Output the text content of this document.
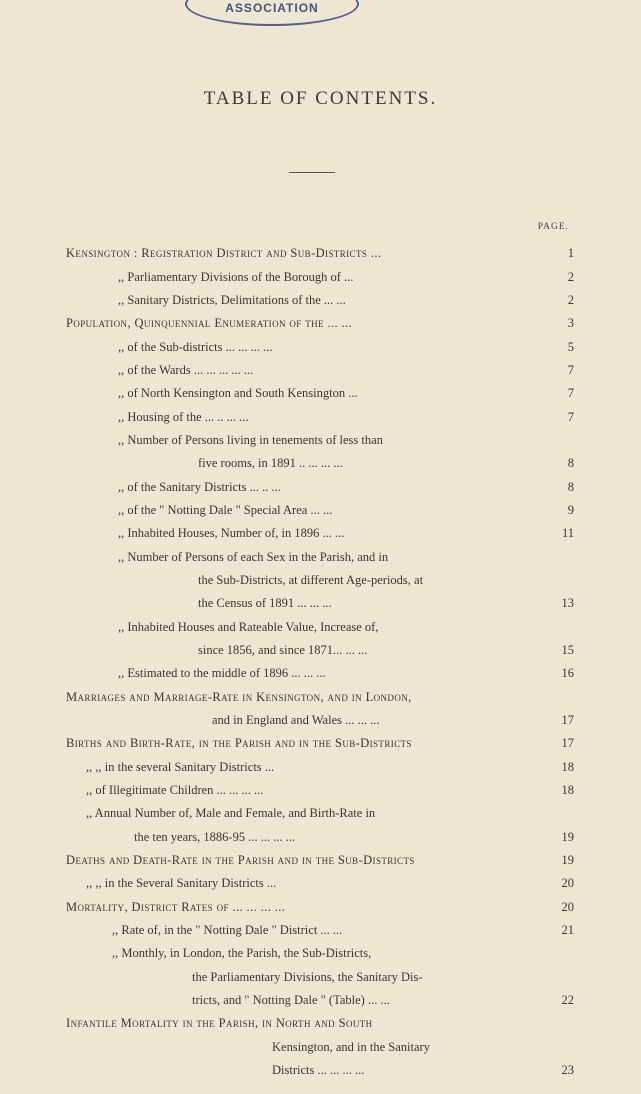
ASSOCIATION
TABLE OF CONTENTS.
PAGE.
Kensington : Registration District and Sub-Districts ...	1
,, Parliamentary Divisions of the Borough of ...	2
,, Sanitary Districts, Delimitations of the ... ...	2
Population, Quinquennial Enumeration of the ... ...	3
,, of the Sub-districts ... ... ... ...	5
,, of the Wards ... ... ... ... ...	7
,, of North Kensington and South Kensington ...	7
,, Housing of the ... .. ... ...	7
,, Number of Persons living in tenements of less than
five rooms, in 1891 .. ... ... ...	8
,, of the Sanitary Districts ... .. ...	8
,, of the " Notting Dale " Special Area ... ...	9
,, Inhabited Houses, Number of, in 1896 ... ...	11
,, Number of Persons of each Sex in the Parish, and in
the Sub-Districts, at different Age-periods, at
the Census of 1891 ... ... ...	13
,, Inhabited Houses and Rateable Value, Increase of,
since 1856, and since 1871... ... ...	15
,, Estimated to the middle of 1896 ... ... ...	16
Marriages and Marriage-Rate in Kensington, and in London,
and in England and Wales ... ... ...	17
Births and Birth-Rate, in the Parish and in the Sub-Districts	17
,, ,, in the several Sanitary Districts ...	18
,, of Illegitimate Children ... ... ... ...	18
,, Annual Number of, Male and Female, and Birth-Rate in
the ten years, 1886-95 ... ... ... ...	19
Deaths and Death-Rate in the Parish and in the Sub-Districts	19
,, ,, in the Several Sanitary Districts ...	20
Mortality, District Rates of ... ... ... ...	20
,, Rate of, in the " Notting Dale " District ... ...	21
,, Monthly, in London, the Parish, the Sub-Districts,
the Parliamentary Divisions, the Sanitary Dis-
tricts, and " Notting Dale " (Table) ... ...	22
Infantile Mortality in the Parish, in North and South
Kensington, and in the Sanitary
Districts ... ... ... ...	23
